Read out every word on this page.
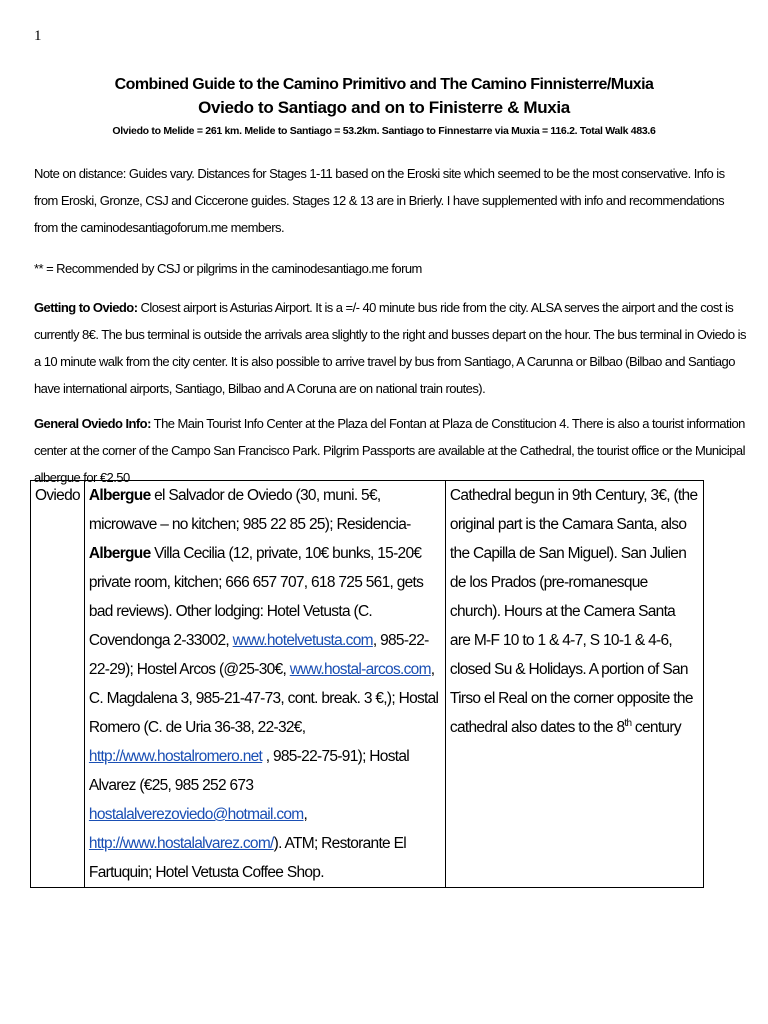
1
Combined Guide to the Camino Primitivo and The Camino Finnisterre/Muxia
Oviedo to Santiago and on to Finisterre & Muxia
Olviedo to Melide = 261 km. Melide to Santiago = 53.2km. Santiago to Finnestarre via Muxia = 116.2. Total Walk 483.6
Note on distance: Guides vary. Distances for Stages 1-11 based on the Eroski site which seemed to be the most conservative. Info is from Eroski, Gronze, CSJ and Ciccerone guides. Stages 12 & 13 are in Brierly. I have supplemented with info and recommendations from the caminodesantiagoforum.me members.
** = Recommended by CSJ or pilgrims in the caminodesantiago.me forum
Getting to Oviedo: Closest airport is Asturias Airport. It is a =/- 40 minute bus ride from the city. ALSA serves the airport and the cost is currently 8€. The bus terminal is outside the arrivals area slightly to the right and busses depart on the hour. The bus terminal in Oviedo is a 10 minute walk from the city center. It is also possible to arrive travel by bus from Santiago, A Carunna or Bilbao (Bilbao and Santiago have international airports, Santiago, Bilbao and A Coruna are on national train routes).
General Oviedo Info: The Main Tourist Info Center at the Plaza del Fontan at Plaza de Constitucion 4. There is also a tourist information center at the corner of the Campo San Francisco Park. Pilgrim Passports are available at the Cathedral, the tourist office or the Municipal albergue for €2.50
Oviedo	Albergue el Salvador de Oviedo (30, muni. 5€, microwave – no kitchen; 985 22 85 25); Residencia-Albergue Villa Cecilia (12, private, 10€ bunks, 15-20€ private room, kitchen; 666 657 707, 618 725 561, gets bad reviews). Other lodging: Hotel Vetusta (C. Covendonga 2-33002, www.hotelvetusta.com, 985-22-22-29); Hostel Arcos (@25-30€, www.hostal-arcos.com, C. Magdalena 3, 985-21-47-73, cont. break. 3 €,); Hostal Romero (C. de Uria 36-38, 22-32€, http://www.hostalromero.net , 985-22-75-91); Hostal Alvarez (€25, 985 252 673 hostalalverezoviedo@hotmail.com, http://www.hostalalvarez.com/). ATM; Restorante El Fartuquin; Hotel Vetusta Coffee Shop.	Cathedral begun in 9th Century, 3€, (the original part is the Camara Santa, also the Capilla de San Miguel). San Julien de los Prados (pre-romanesque church). Hours at the Camera Santa are M-F 10 to 1 & 4-7, S 10-1 & 4-6, closed Su & Holidays. A portion of San Tirso el Real on the corner opposite the cathedral also dates to the 8th century
